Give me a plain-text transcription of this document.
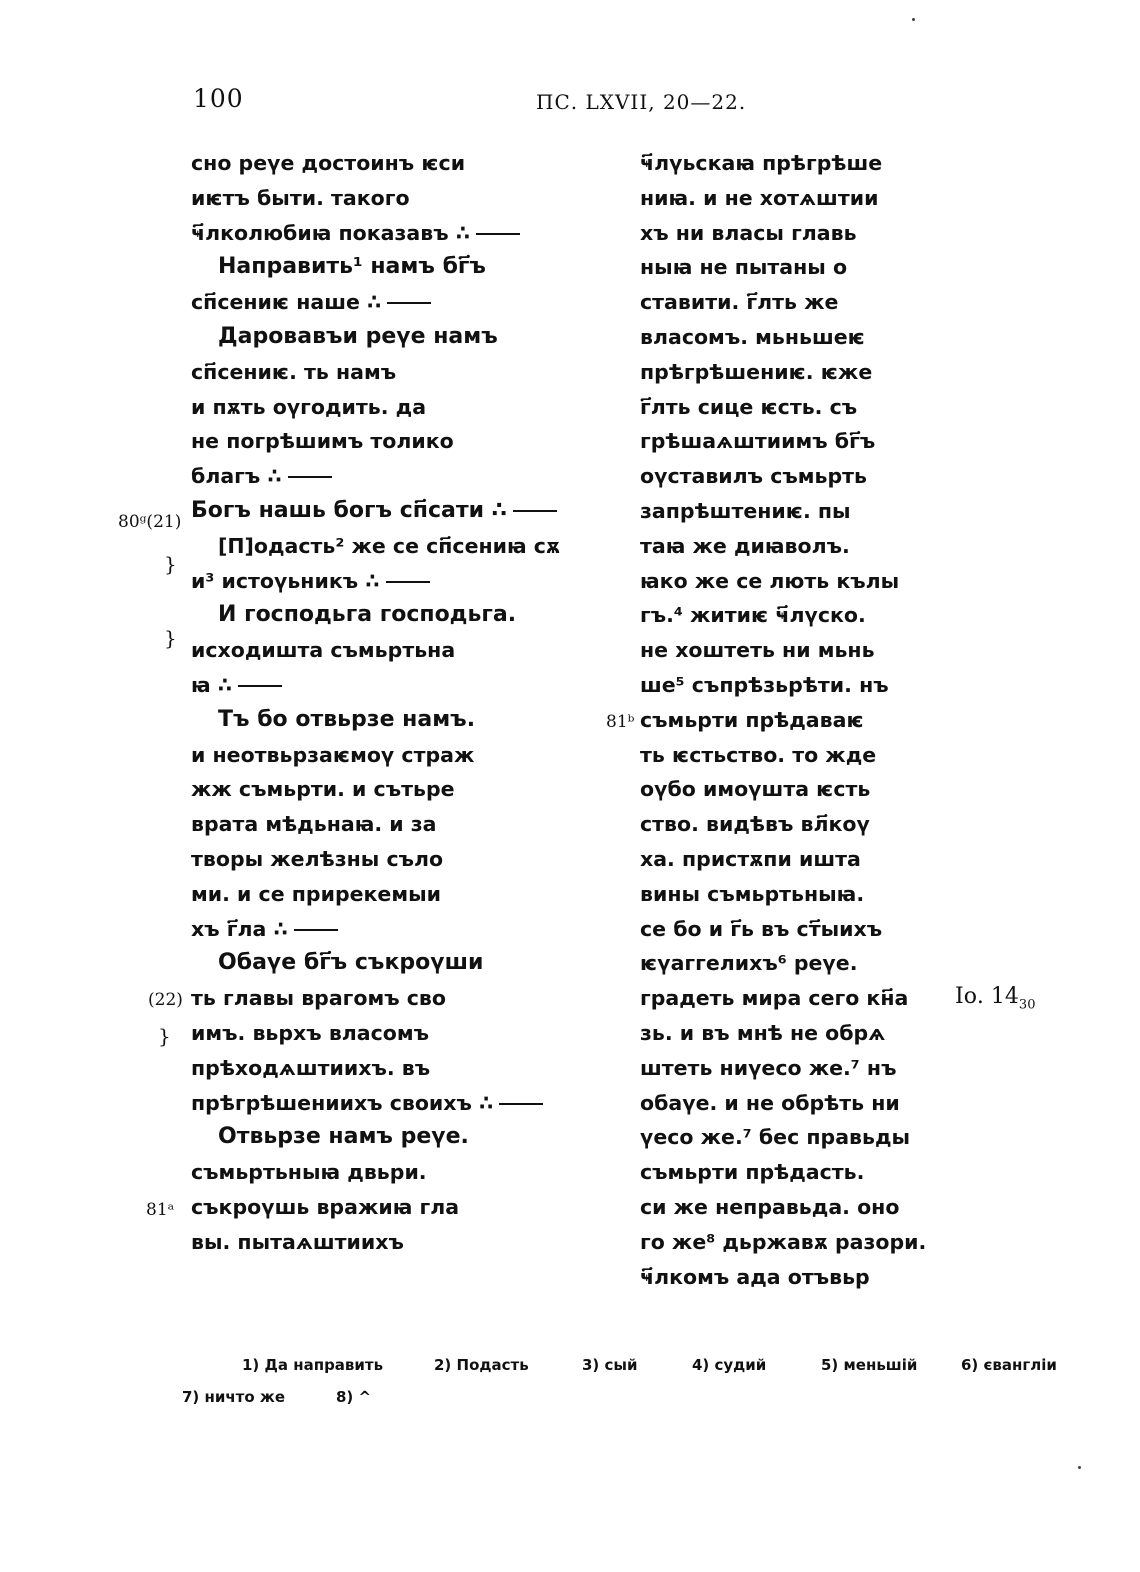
100	ПС. LXVII, 20—22.
сно реүе достоинъ ѥси
иѥтъ быти. такого
ҹ҃лколюбиꙗ показавъ ∴
Направить¹ намъ бг҃ъ
сп҃сениѥ наше ∴
Даровавъи реүе намъ
сп҃сениѥ. ть намъ
и пѫть оүгодить. да
не погрѣшимъ толико
благъ ∴
Богъ нашь богъ сп҃сати ∴
[П]одасть² же се сп҃сениꙗ сѫ
и³ истоүьникъ ∴
И господьга господьга.
исходишта съмьртьна
ꙗ ∴
Тъ бо отвьрзе намъ.
и неотвьрзаѥмоү страж
жж съмьрти. и сътьре
врата мѣдьнаꙗ. и за
творы желѣзны съло
ми. и се прирекемыи
хъ г҃ла ∴
Обаүе бг҃ъ съкроүши
ть главы врагомъ сво
имъ. вьрхъ власомъ
прѣходѧштиихъ. въ
прѣгрѣшениихъ своихъ ∴
Отвьрзе намъ реүе.
съмьртьныꙗ двьри.
съкроүшь вражиꙗ гла
вы. пытаѧштиихъ
80ᵍ(21)
}
}
(22)
}
81ᵃ
ҹ҃лүьскаꙗ прѣгрѣше
ниꙗ. и не хотѧштии
хъ ни власы главь
ныꙗ не пытаны о
ставити. г҃лть же
власомъ. мьньшеѥ
прѣгрѣшениѥ. ѥже
г҃лть сице ѥсть. съ
грѣшаѧштиимъ бг҃ъ
оүставилъ съмьрть
запрѣштениѥ. пы
таꙗ же диꙗволъ.
ꙗко же се лють кълы
гъ.⁴ житиѥ ҹ҃лүско.
не хоштеть ни мьнь
ше⁵ съпрѣзьрѣти. нъ
съмьрти прѣдаваѥ
ть ѥстьство. то жде
оүбо имоүшта ѥсть
ство. видѣвъ вл҃коү
ха. пристѫпи ишта
вины съмьртьныꙗ.
се бо и г҃ь въ ст҃ыихъ
ѥүаггелихъ⁶ реүе.
градеть мира сего кн҃а
зь. и въ мнѣ не обрѧ
штеть ниүесо же.⁷ нъ
обаүе. и не обрѣть ни
үесо же.⁷ бес правьды
съмьрти прѣдасть.
си же неправьда. оно
го же⁸ дьржавѫ разори.
ҹ҃лкомъ ада отъвьр
81ᵇ
Іо. $14_{30}$
1) Да направить	2) Подасть	3) сый	4) судий	5) меньшій	6) євангліи
7) ничто же	8) ^
